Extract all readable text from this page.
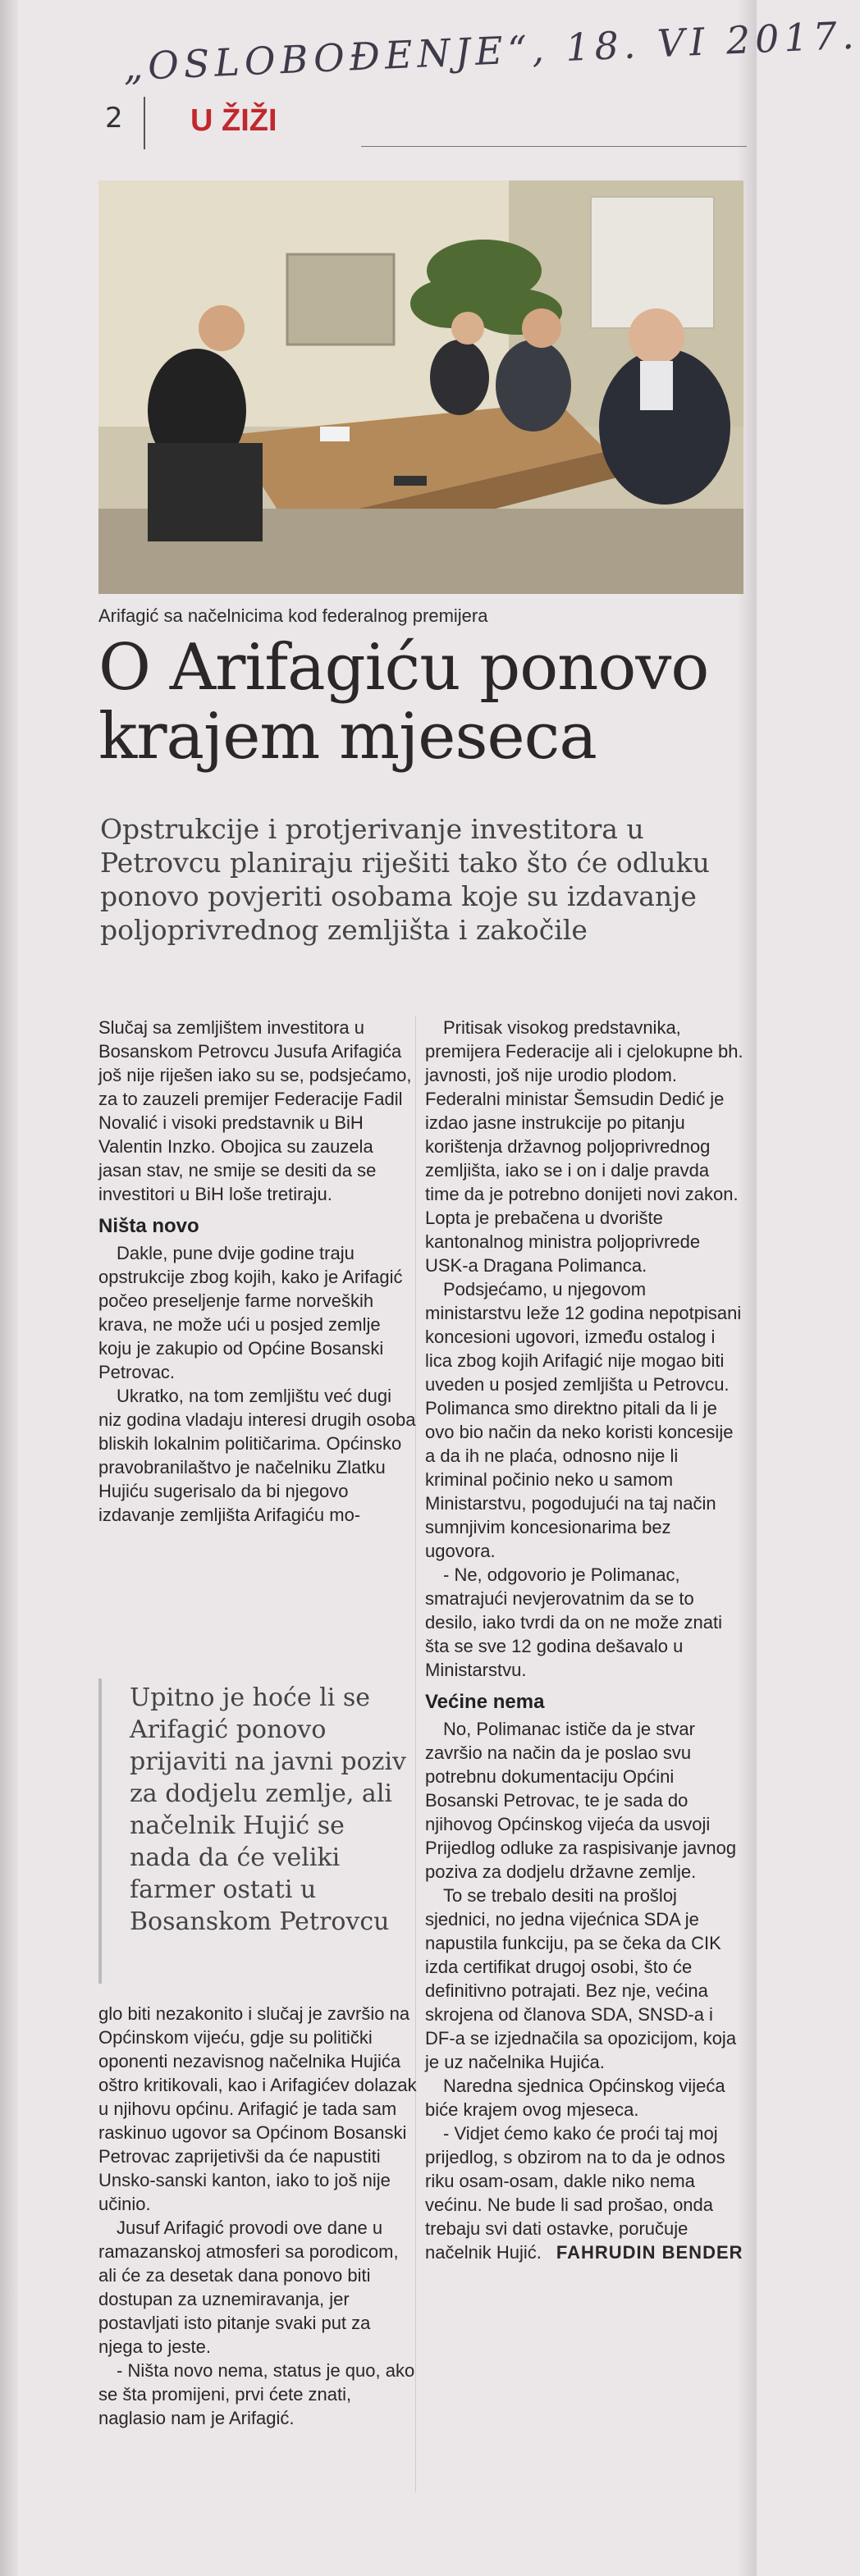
„OSLOBOĐENJE“, 18. VI 2017.
2 U ŽIŽI
Arifagić sa načelnicima kod federalnog premijera
O Arifagiću ponovo
krajem mjeseca

Opstrukcije i protjerivanje investitora u Petrovcu planiraju riješiti tako što će odluku ponovo povjeriti osobama koje su izdavanje poljoprivrednog zemljišta i zakočile

Slučaj sa zemljištem investitora u Bosanskom Petrovcu Jusufa Arifagića još nije riješen iako su se, podsjećamo, za to zauzeli premijer Federacije Fadil Novalić i visoki predstavnik u BiH Valentin Inzko. Obojica su zauzela jasan stav, ne smije se desiti da se investitori u BiH loše tretiraju.

Ništa novo

Dakle, pune dvije godine traju opstrukcije zbog kojih, kako je Arifagić počeo preseljenje farme norveških krava, ne može ući u posjed zemlje koju je zakupio od Općine Bosanski Petrovac.

Ukratko, na tom zemljištu već dugi niz godina vladaju interesi drugih osoba bliskih lokalnim političarima. Općinsko pravobranilaštvo je načelniku Zlatku Hujiću sugerisalo da bi njegovo izdavanje zemljišta Arifagiću mo-

Upitno je hoće li se Arifagić ponovo prijaviti na javni poziv za dodjelu zemlje, ali načelnik Hujić se nada da će veliki farmer ostati u Bosanskom Petrovcu

glo biti nezakonito i slučaj je završio na Općinskom vijeću, gdje su politički oponenti nezavisnog načelnika Hujića oštro kritikovali, kao i Arifagićev dolazak u njihovu općinu. Arifagić je tada sam raskinuo ugovor sa Općinom Bosanski Petrovac zaprijetivši da će napustiti Unsko-sanski kanton, iako to još nije učinio.

Jusuf Arifagić provodi ove dane u ramazanskoj atmosferi sa porodicom, ali će za desetak dana ponovo biti dostupan za uznemiravanja, jer postavljati isto pitanje svaki put za njega to jeste.

- Ništa novo nema, status je quo, ako se šta promijeni, prvi ćete znati, naglasio nam je Arifagić.

Pritisak visokog predstavnika, premijera Federacije ali i cjelokupne bh. javnosti, još nije urodio plodom. Federalni ministar Šemsudin Dedić je izdao jasne instrukcije po pitanju korištenja državnog poljoprivrednog zemljišta, iako se i on i dalje pravda time da je potrebno donijeti novi zakon. Lopta je prebačena u dvorište kantonalnog ministra poljoprivrede USK-a Dragana Polimanca.

Podsjećamo, u njegovom ministarstvu leže 12 godina nepotpisani koncesioni ugovori, između ostalog i lica zbog kojih Arifagić nije mogao biti uveden u posjed zemljišta u Petrovcu. Polimanca smo direktno pitali da li je ovo bio način da neko koristi koncesije a da ih ne plaća, odnosno nije li kriminal počinio neko u samom Ministarstvu, pogodujući na taj način sumnjivim koncesionarima bez ugovora.

- Ne, odgovorio je Polimanac, smatrajući nevjerovatnim da se to desilo, iako tvrdi da on ne može znati šta se sve 12 godina dešavalo u Ministarstvu.

Većine nema

No, Polimanac ističe da je stvar završio na način da je poslao svu potrebnu dokumentaciju Općini Bosanski Petrovac, te je sada do njihovog Općinskog vijeća da usvoji Prijedlog odluke za raspisivanje javnog poziva za dodjelu državne zemlje.

To se trebalo desiti na prošloj sjednici, no jedna vijećnica SDA je napustila funkciju, pa se čeka da CIK izda certifikat drugoj osobi, što će definitivno potrajati. Bez nje, većina skrojena od članova SDA, SNSD-a i DF-a se izjednačila sa opozicijom, koja je uz načelnika Hujića.

Naredna sjednica Općinskog vijeća biće krajem ovog mjeseca.

- Vidjet ćemo kako će proći taj moj prijedlog, s obzirom na to da je odnos riku osam-osam, dakle niko nema većinu. Ne bude li sad prošao, onda trebaju svi dati ostavke, poručuje načelnik Hujić. FAHRUDIN BENDER
